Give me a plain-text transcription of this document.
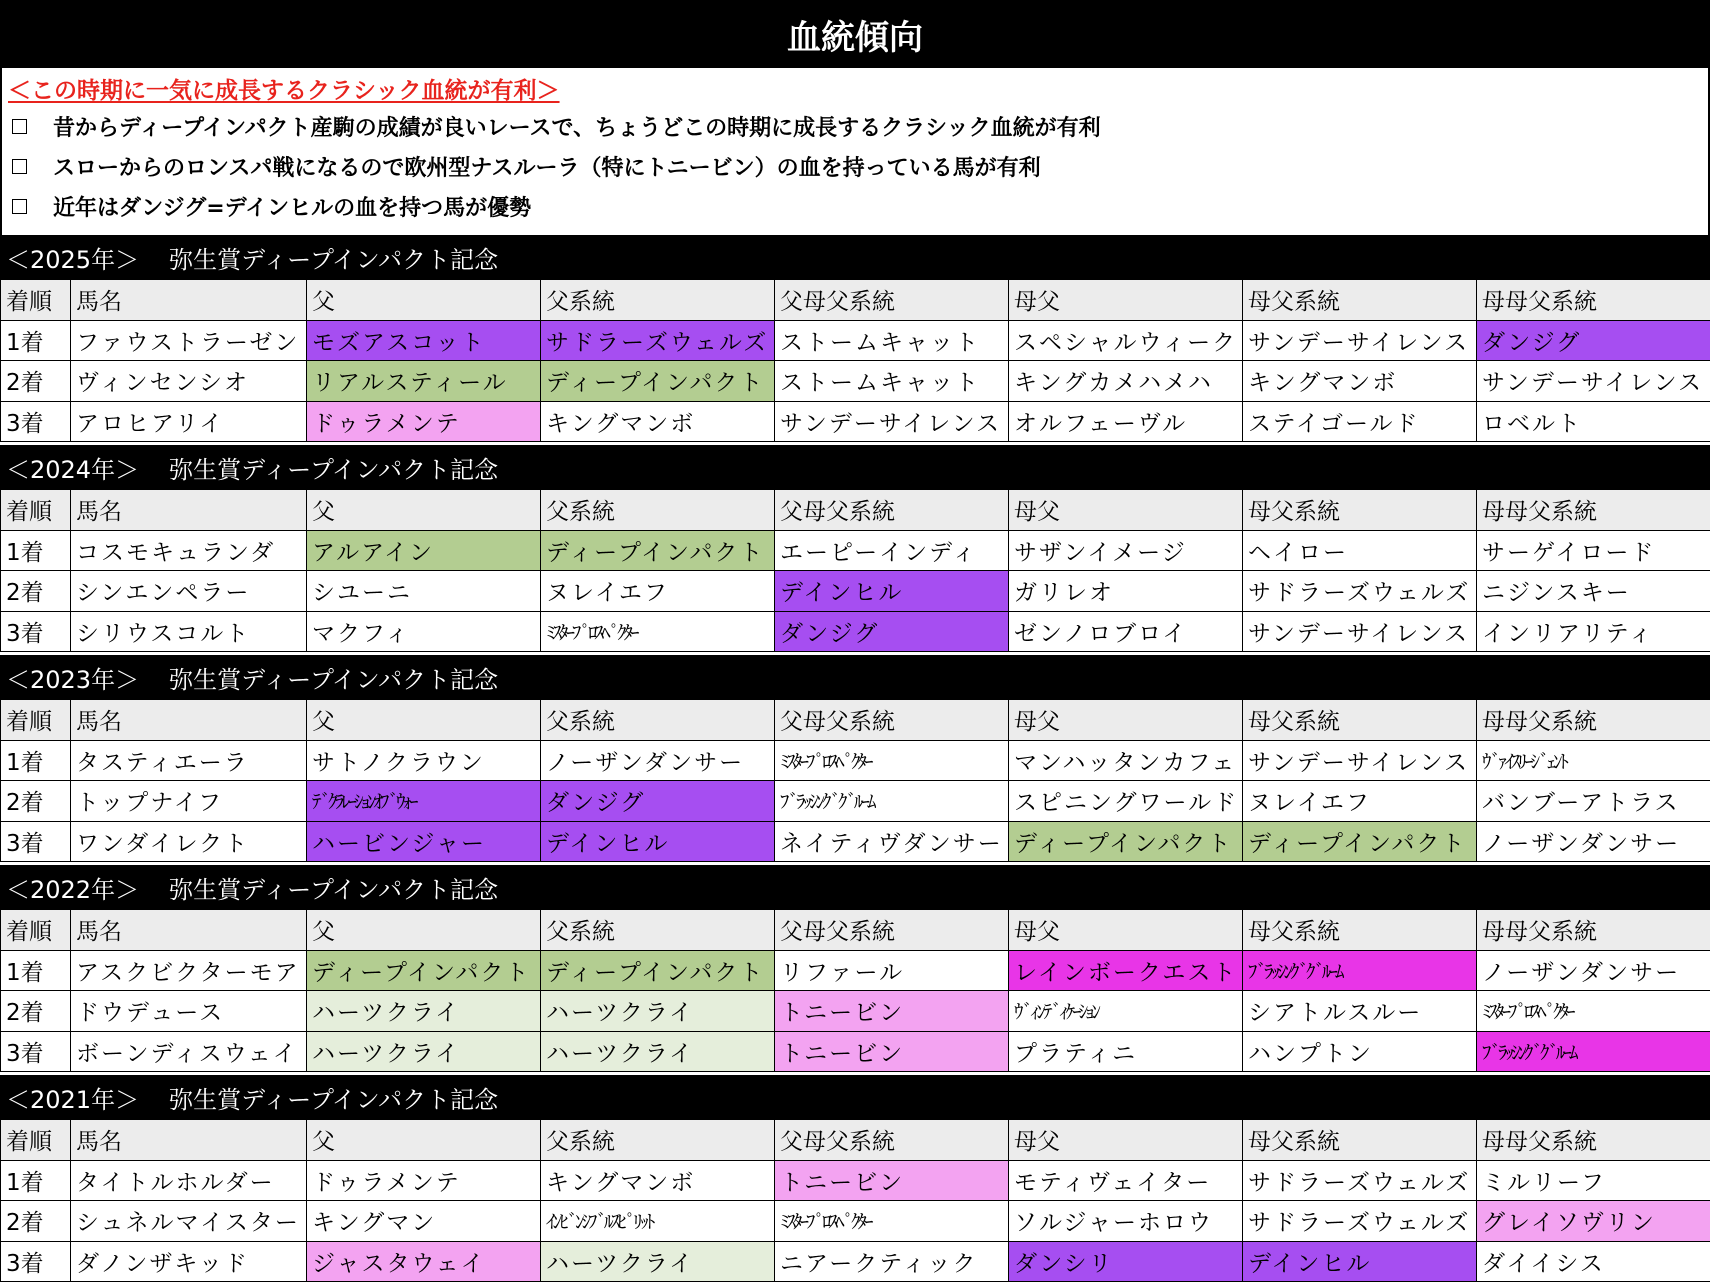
血統傾向
＜この時期に一気に成長するクラシック血統が有利＞
昔からディープインパクト産駒の成績が良いレースで、ちょうどこの時期に成長するクラシック血統が有利
スローからのロンスパ戦になるので欧州型ナスルーラ（特にトニービン）の血を持っている馬が有利
近年はダンジグ=デインヒルの血を持つ馬が優勢
＜2025年＞ 弥生賞ディープインパクト記念
着順	馬名	父	父系統	父母父系統	母父	母父系統	母母父系統
1着	ファウストラーゼン	モズアスコット	サドラーズウェルズ	ストームキャット	スペシャルウィーク	サンデーサイレンス	ダンジグ
2着	ヴィンセンシオ	リアルスティール	ディープインパクト	ストームキャット	キングカメハメハ	キングマンボ	サンデーサイレンス
3着	アロヒアリイ	ドゥラメンテ	キングマンボ	サンデーサイレンス	オルフェーヴル	ステイゴールド	ロベルト
＜2024年＞ 弥生賞ディープインパクト記念
着順	馬名	父	父系統	父母父系統	母父	母父系統	母母父系統
1着	コスモキュランダ	アルアイン	ディープインパクト	エーピーインディ	サザンイメージ	ヘイロー	サーゲイロード
2着	シンエンペラー	シユーニ	ヌレイエフ	デインヒル	ガリレオ	サドラーズウェルズ	ニジンスキー
3着	シリウスコルト	マクフィ	ﾐｽﾀｰﾌﾟﾛｽﾍﾟｸﾀｰ	ダンジグ	ゼンノロブロイ	サンデーサイレンス	インリアリティ
＜2023年＞ 弥生賞ディープインパクト記念
着順	馬名	父	父系統	父母父系統	母父	母父系統	母母父系統
1着	タスティエーラ	サトノクラウン	ノーザンダンサー	ﾐｽﾀｰﾌﾟﾛｽﾍﾟｸﾀｰ	マンハッタンカフェ	サンデーサイレンス	ｳﾞｧｲｽﾘｰｼﾞｪﾝﾄ
2着	トップナイフ	ﾃﾞｸﾗﾚｰｼｮﾝｵﾌﾞｳｫｰ	ダンジグ	ﾌﾞﾗｯｼﾝｸﾞｸﾞﾙｰﾑ	スピニングワールド	ヌレイエフ	バンブーアトラス
3着	ワンダイレクト	ハービンジャー	デインヒル	ネイティヴダンサー	ディープインパクト	ディープインパクト	ノーザンダンサー
＜2022年＞ 弥生賞ディープインパクト記念
着順	馬名	父	父系統	父母父系統	母父	母父系統	母母父系統
1着	アスクビクターモア	ディープインパクト	ディープインパクト	リファール	レインボークエスト	ﾌﾞﾗｯｼﾝｸﾞｸﾞﾙｰﾑ	ノーザンダンサー
2着	ドウデュース	ハーツクライ	ハーツクライ	トニービン	ｳﾞｨﾝﾃﾞｨｹｰｼｮﾝ	シアトルスルー	ﾐｽﾀｰﾌﾟﾛｽﾍﾟｸﾀｰ
3着	ボーンディスウェイ	ハーツクライ	ハーツクライ	トニービン	プラティニ	ハンプトン	ﾌﾞﾗｯｼﾝｸﾞｸﾞﾙｰﾑ
＜2021年＞ 弥生賞ディープインパクト記念
着順	馬名	父	父系統	父母父系統	母父	母父系統	母母父系統
1着	タイトルホルダー	ドゥラメンテ	キングマンボ	トニービン	モティヴェイター	サドラーズウェルズ	ミルリーフ
2着	シュネルマイスター	キングマン	ｲﾝﾋﾞﾝｼﾌﾞﾙｽﾋﾟﾘｯﾄ	ﾐｽﾀｰﾌﾟﾛｽﾍﾟｸﾀｰ	ソルジャーホロウ	サドラーズウェルズ	グレイソヴリン
3着	ダノンザキッド	ジャスタウェイ	ハーツクライ	ニアークティック	ダンシリ	デインヒル	ダイイシス
